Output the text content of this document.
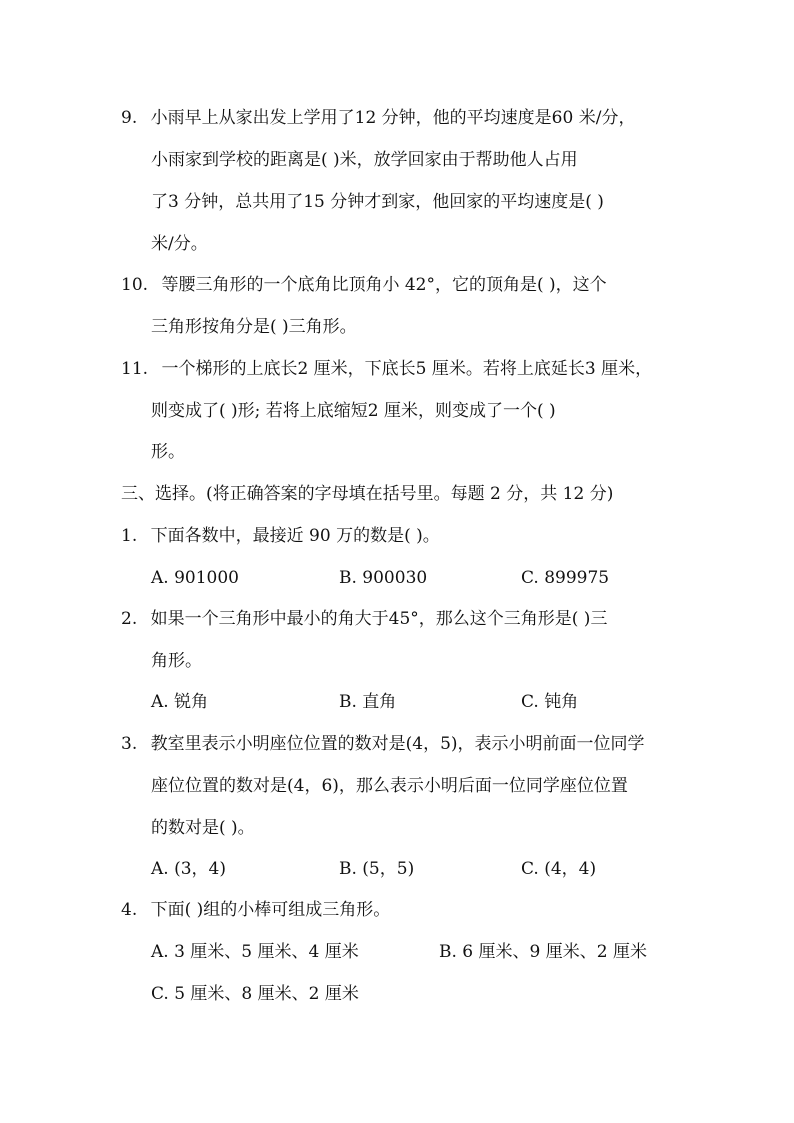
9. 小雨早上从家出发上学用了12 分钟，他的平均速度是60 米/分，
小雨家到学校的距离是( )米，放学回家由于帮助他人占用
了3 分钟，总共用了15 分钟才到家，他回家的平均速度是( )
米/分。
10. 等腰三角形的一个底角比顶角小 42°，它的顶角是( )，这个
三角形按角分是( )三角形。
11. 一个梯形的上底长2 厘米，下底长5 厘米。若将上底延长3 厘米，
则变成了( )形; 若将上底缩短2 厘米，则变成了一个( )
形。
三、选择。(将正确答案的字母填在括号里。每题 2 分，共 12 分)
1. 下面各数中，最接近 90 万的数是( )。
A. 901000	B. 900030	C. 899975
2. 如果一个三角形中最小的角大于45°，那么这个三角形是( )三
角形。
A. 锐角	B. 直角	C. 钝角
3. 教室里表示小明座位位置的数对是(4，5)，表示小明前面一位同学
座位位置的数对是(4，6)，那么表示小明后面一位同学座位位置
的数对是( )。
A. (3，4)	B. (5，5)	C. (4，4)
4. 下面( )组的小棒可组成三角形。
A. 3 厘米、5 厘米、4 厘米	B. 6 厘米、9 厘米、2 厘米
C. 5 厘米、8 厘米、2 厘米
